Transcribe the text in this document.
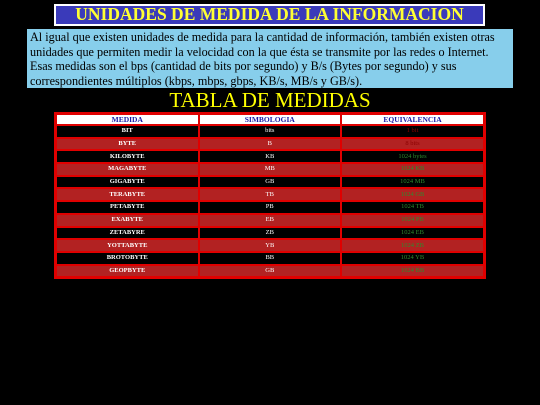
UNIDADES DE MEDIDA DE LA INFORMACION
Al igual que existen unidades de medida para la cantidad de información, también existen otras unidades que permiten medir la velocidad con la que ésta se transmite por las redes o Internet. Esas medidas son el bps (cantidad de bits por segundo) y B/s (Bytes por segundo) y sus correspondientes múltiplos (kbps, mbps, gbps, KB/s, MB/s y GB/s).
TABLA DE MEDIDAS
MEDIDA	SIMBOLOGIA	EQUIVALENCIA
BIT	bits	1 bit
BYTE	B	8 bits
KILOBYTE	KB	1024 bytes
MAGABYTE	MB	1024 KB
GIGABYTE	GB	1024 MB
TERABYTE	TB	1024 GB
PETABYTE	PB	1024 TB
EXABYTE	EB	1024 PB
ZETABYRE	ZB	1024 EB
YOTTABYTE	YB	1024 ZB
BROTOBYTE	BB	1024 YB
GEOPBYTE	GB	1024 BB
